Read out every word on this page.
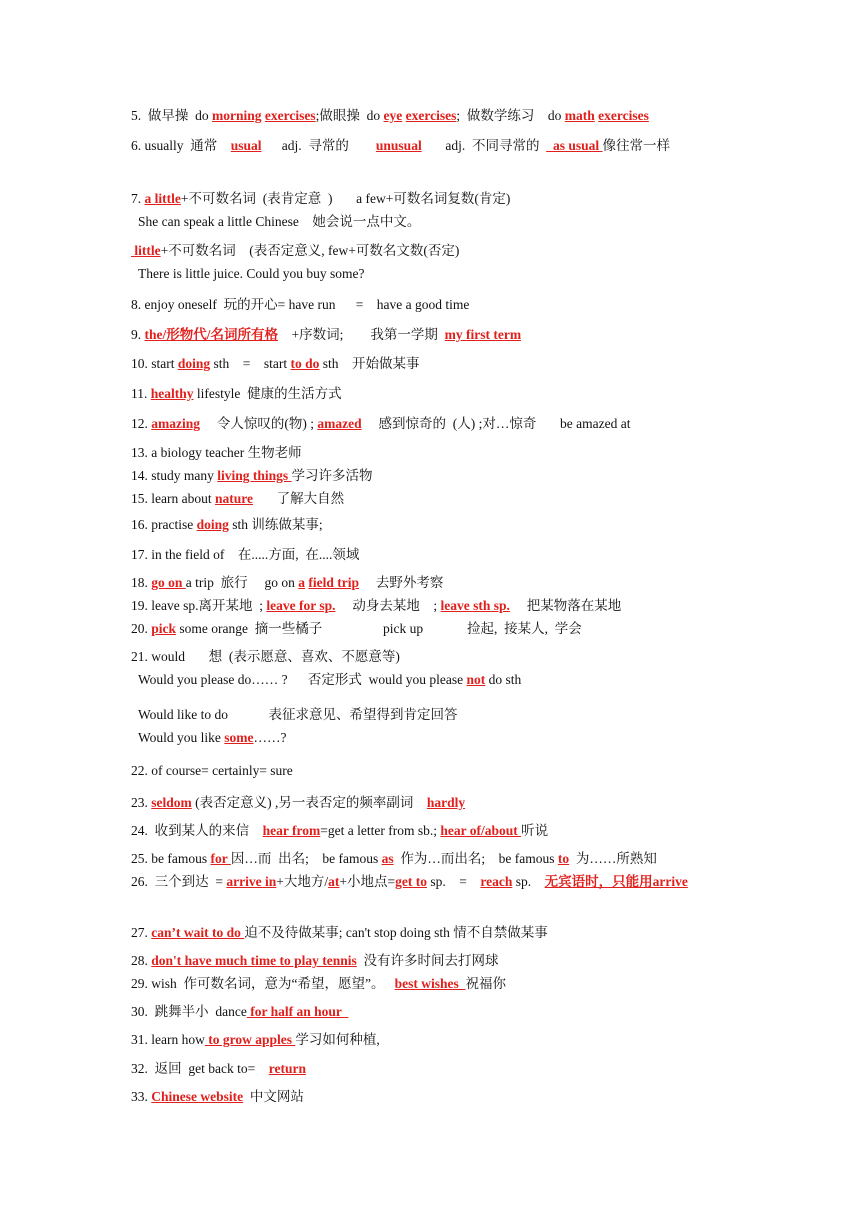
5.  做早操  do morning exercises;做眼操  do eye exercises;  做数学练习    do math exercises
6. usually  通常    usual      adj.  寻常的        unusual       adj.  不同寻常的    as usual 像往常一样
7. a little+不可数名词  (表肯定意  )       a few+可数名词复数(肯定)
She can speak a little Chinese    她会说一点中文。
little+不可数名词    (表否定意义, few+可数名文数(否定)
There is little juice. Could you buy some?
8. enjoy oneself  玩的开心= have run      =    have a good time
9. the/形物代/名词所有格    +序数词;        我第一学期  my first term
10. start doing sth    =    start to do sth    开始做某事
11. healthy lifestyle  健康的生活方式
12. amazing     令人惊叹的(物) ; amazed     感到惊奇的  (人) ;对…惊奇       be amazed at
13. a biology teacher 生物老师
14. study many living things 学习许多活物
15. learn about nature       了解大自然
16. practise doing sth 训练做某事;
17. in the field of    在.....方面,  在....领域
18. go on a trip  旅行     go on a field trip     去野外考察
19. leave sp.离开某地  ; leave for sp.     动身去某地    ; leave sth sp.     把某物落在某地
20. pick some orange  摘一些橘子                  pick up             捡起,  接某人,  学会
21. would       想  (表示愿意、喜欢、不愿意等)
Would you please do…… ?      否定形式  would you please not do sth
Would like to do            表征求意见、希望得到肯定回答
Would you like some……?
22. of course= certainly= sure
23. seldom (表否定意义) ,另一表否定的频率副词    hardly
24.  收到某人的来信    hear from=get a letter from sb.; hear of/about 听说
25. be famous for 因…而  出名;    be famous as  作为…而出名;    be famous to  为……所熟知
26.  三个到达  = arrive in+大地方/at+小地点=get to sp.    =    reach sp.    无宾语时，只能用arrive
27. can’t wait to do 迫不及待做某事; can't stop doing sth 情不自禁做某事
28. don't have much time to play tennis  没有许多时间去打网球
29. wish  作可数名词，意为“希望，愿望”。   best wishes  祝福你
30.  跳舞半小  dance for half an hour
31. learn how to grow apples 学习如何种植,
32.  返回  get back to=    return
33. Chinese website  中文网站
